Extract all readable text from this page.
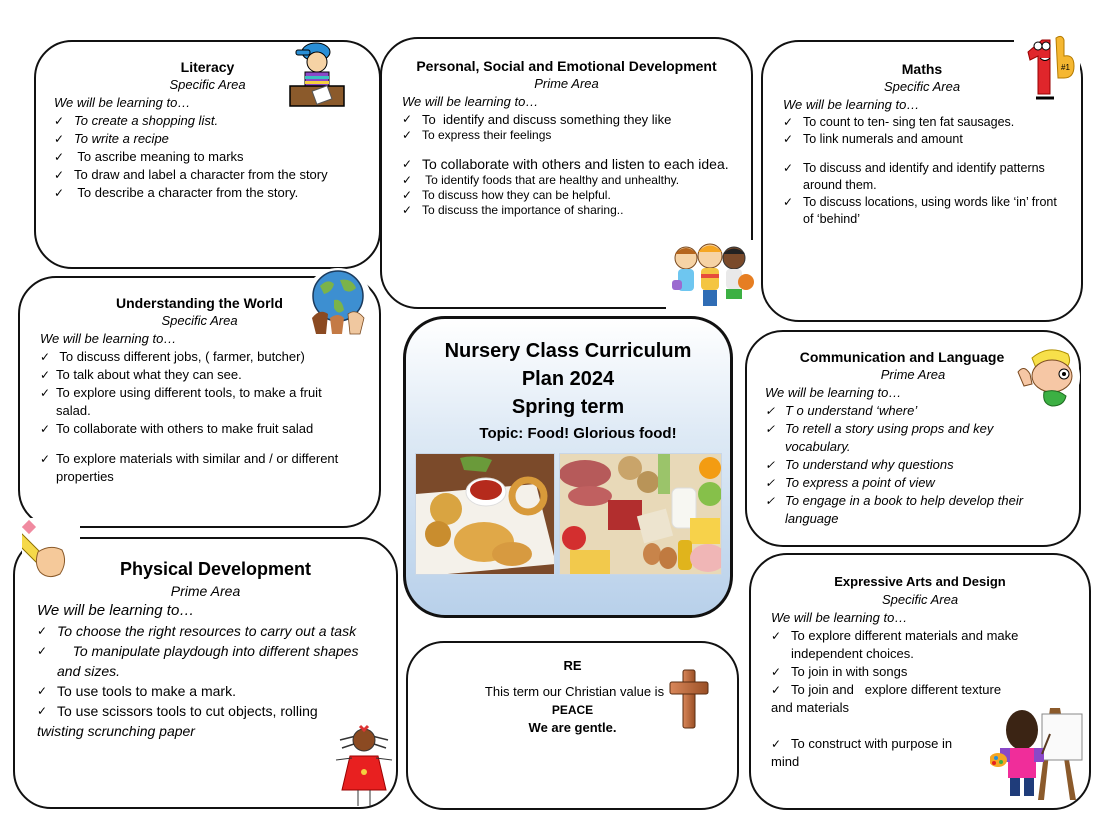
Literacy
Specific Area
We will be learning to…
✓ To create a shopping list.
✓ To write a recipe
✓ To ascribe meaning to marks
✓ To draw and label a character from the story
✓ To describe a character from the story.
Personal, Social and Emotional Development
Prime Area
We will be learning to…
✓ To  identify and discuss something they like
✓ To express their feelings
✓ To collaborate with others and listen to each idea.
✓ To identify foods that are healthy and unhealthy.
✓ To discuss how they can be helpful.
✓ To discuss the importance of sharing..
Maths
Specific Area
We will be learning to…
✓ To count to ten- sing ten fat sausages.
✓ To link numerals and amount
✓ To discuss and identify and identify patterns around them.
✓ To discuss locations, using words like ‘in’ front of ‘behind’
#1
Understanding the World
Specific Area
We will be learning to…
✓ To discuss different jobs, ( farmer, butcher)
✓ To talk about what they can see.
✓ To explore using different tools, to make a fruit salad.
✓ To collaborate with others to make fruit salad
✓ To explore materials with similar and / or different properties
Nursery Class Curriculum
Plan 2024
Spring term
Topic: Food! Glorious food!
Communication and Language
Prime Area
We will be learning to…
✓ T o understand ‘where’
✓ To retell a story using props and key vocabulary.
✓ To understand why questions
✓ To express a point of view
✓ To engage in a book to help develop their language
Physical Development
Prime Area
We will be learning to…
✓ To choose the right resources to carry out a task
✓ To manipulate playdough into different shapes and sizes.
✓ To use tools to make a mark.
✓ To use scissors tools to cut objects, rolling
twisting scrunching paper
RE
This term our Christian value is
PEACE
We are gentle.
Expressive Arts and Design
Specific Area
We will be learning to…
✓ To explore different materials and make independent choices.
✓ To join in with songs
✓ To join and   explore different texture
and materials
✓ To construct with purpose in
mind
